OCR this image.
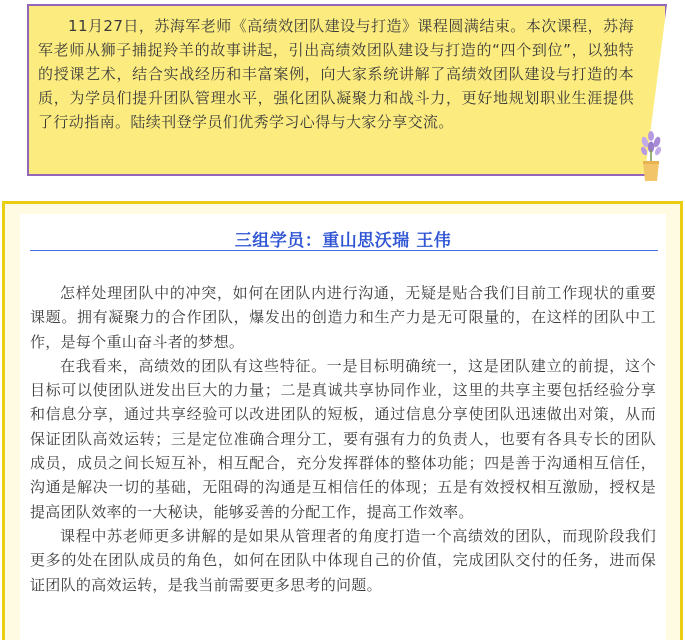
11月27日，苏海军老师《高绩效团队建设与打造》课程圆满结束。本次课程，苏海军老师从狮子捕捉羚羊的故事讲起，引出高绩效团队建设与打造的“四个到位”，以独特的授课艺术，结合实战经历和丰富案例，向大家系统讲解了高绩效团队建设与打造的本质，为学员们提升团队管理水平，强化团队凝聚力和战斗力，更好地规划职业生涯提供了行动指南。陆续刊登学员们优秀学习心得与大家分享交流。

三组学员：重山思沃瑞 王伟

怎样处理团队中的冲突，如何在团队内进行沟通，无疑是贴合我们目前工作现状的重要课题。拥有凝聚力的合作团队，爆发出的创造力和生产力是无可限量的，在这样的团队中工作，是每个重山奋斗者的梦想。

在我看来，高绩效的团队有这些特征。一是目标明确统一，这是团队建立的前提，这个目标可以使团队迸发出巨大的力量；二是真诚共享协同作业，这里的共享主要包括经验分享和信息分享，通过共享经验可以改进团队的短板，通过信息分享使团队迅速做出对策，从而保证团队高效运转；三是定位准确合理分工，要有强有力的负责人，也要有各具专长的团队成员，成员之间长短互补，相互配合，充分发挥群体的整体功能；四是善于沟通相互信任，沟通是解决一切的基础，无阻碍的沟通是互相信任的体现；五是有效授权相互激励，授权是提高团队效率的一大秘诀，能够妥善的分配工作，提高工作效率。

课程中苏老师更多讲解的是如果从管理者的角度打造一个高绩效的团队，而现阶段我们更多的处在团队成员的角色，如何在团队中体现自己的价值，完成团队交付的任务，进而保证团队的高效运转，是我当前需要更多思考的问题。
